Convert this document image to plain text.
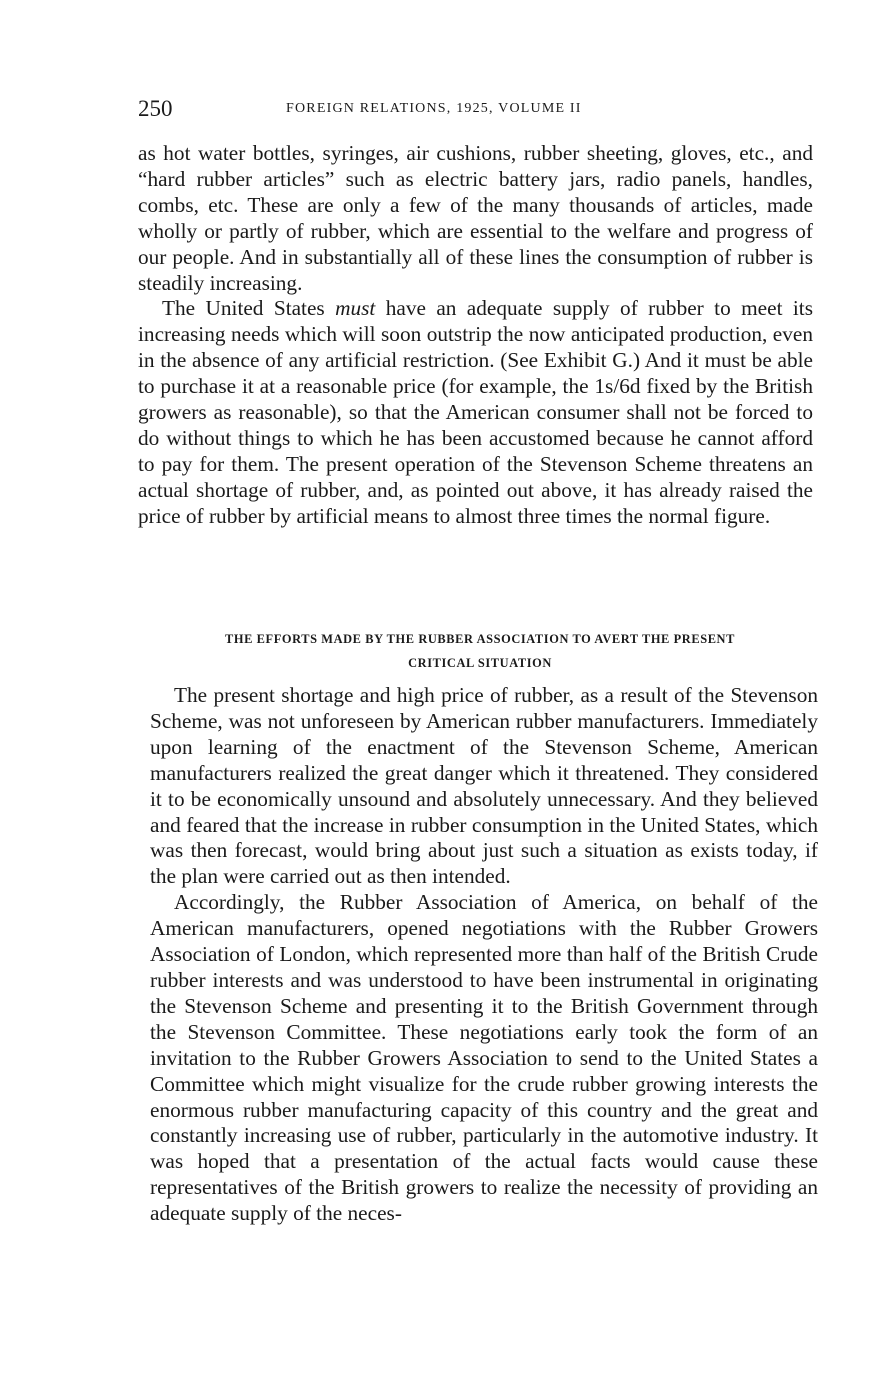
250	FOREIGN RELATIONS, 1925, VOLUME II

as hot water bottles, syringes, air cushions, rubber sheeting, gloves, etc., and “hard rubber articles” such as electric battery jars, radio panels, handles, combs, etc. These are only a few of the many thousands of articles, made wholly or partly of rubber, which are essential to the welfare and progress of our people. And in substantially all of these lines the consumption of rubber is steadily increasing.

The United States must have an adequate supply of rubber to meet its increasing needs which will soon outstrip the now anticipated production, even in the absence of any artificial restriction. (See Exhibit G.) And it must be able to purchase it at a reasonable price (for example, the 1s/6d fixed by the British growers as reasonable), so that the American consumer shall not be forced to do without things to which he has been accustomed because he cannot afford to pay for them. The present operation of the Stevenson Scheme threatens an actual shortage of rubber, and, as pointed out above, it has already raised the price of rubber by artificial means to almost three times the normal figure.

THE EFFORTS MADE BY THE RUBBER ASSOCIATION TO AVERT THE PRESENT
CRITICAL SITUATION

The present shortage and high price of rubber, as a result of the Stevenson Scheme, was not unforeseen by American rubber manufacturers. Immediately upon learning of the enactment of the Stevenson Scheme, American manufacturers realized the great danger which it threatened. They considered it to be economically unsound and absolutely unnecessary. And they believed and feared that the increase in rubber consumption in the United States, which was then forecast, would bring about just such a situation as exists today, if the plan were carried out as then intended.

Accordingly, the Rubber Association of America, on behalf of the American manufacturers, opened negotiations with the Rubber Growers Association of London, which represented more than half of the British Crude rubber interests and was understood to have been instrumental in originating the Stevenson Scheme and presenting it to the British Government through the Stevenson Committee. These negotiations early took the form of an invitation to the Rubber Growers Association to send to the United States a Committee which might visualize for the crude rubber growing interests the enormous rubber manufacturing capacity of this country and the great and constantly increasing use of rubber, particularly in the automotive industry. It was hoped that a presentation of the actual facts would cause these representatives of the British growers to realize the necessity of providing an adequate supply of the neces-
